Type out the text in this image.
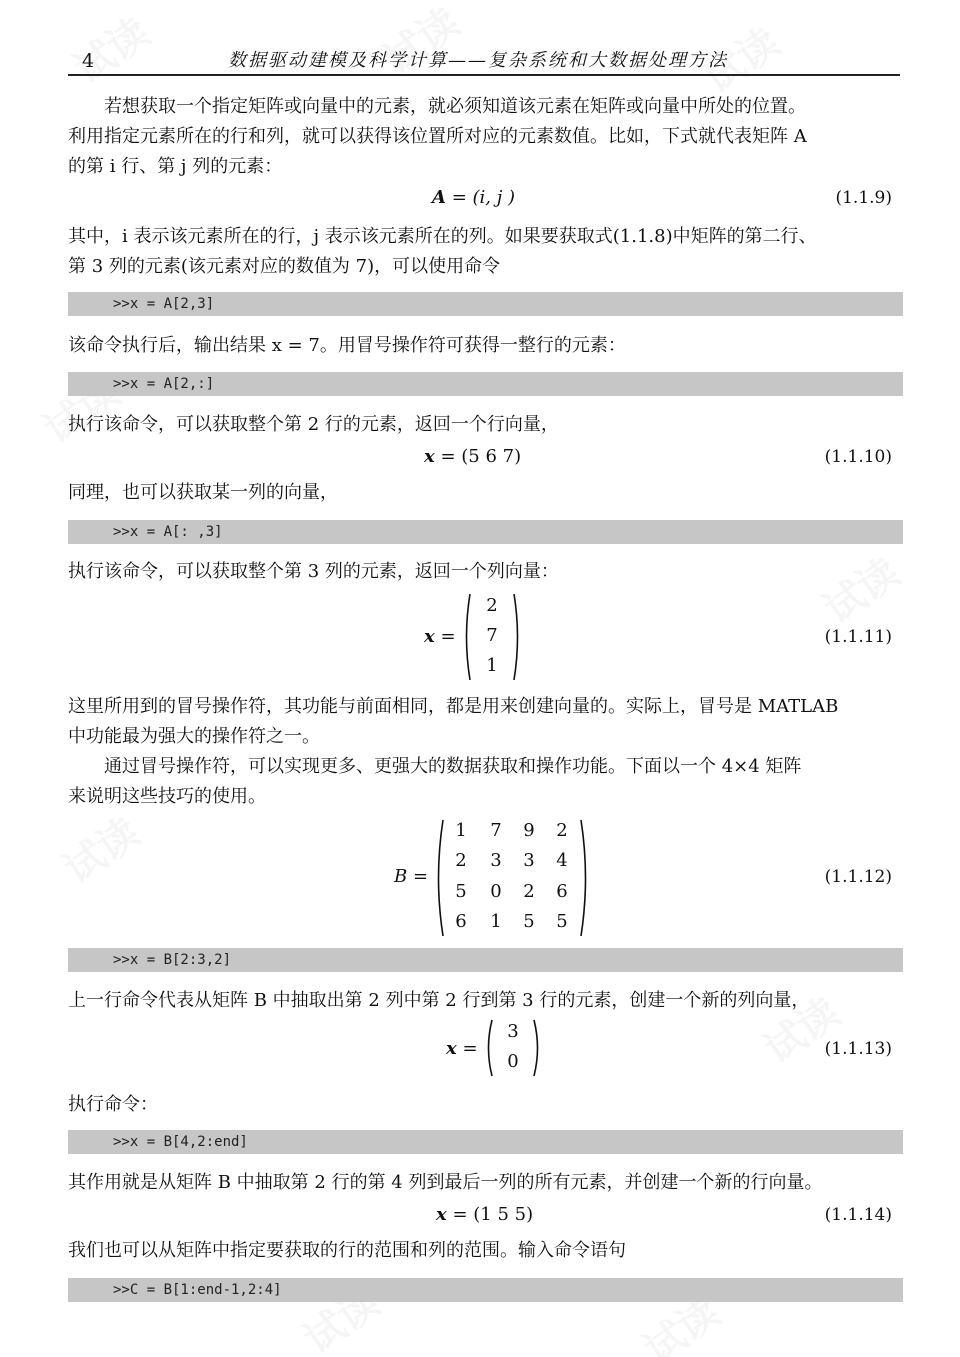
4	数据驱动建模及科学计算——复杂系统和大数据处理方法
若想获取一个指定矩阵或向量中的元素，就必须知道该元素在矩阵或向量中所处的位置。
利用指定元素所在的行和列，就可以获得该位置所对应的元素数值。比如，下式就代表矩阵 A
的第 i 行、第 j 列的元素：
A = (i, j )	(1.1.9)
其中，i 表示该元素所在的行，j 表示该元素所在的列。如果要获取式(1.1.8)中矩阵的第二行、
第 3 列的元素(该元素对应的数值为 7)，可以使用命令
>>x = A[2,3]
该命令执行后，输出结果 x = 7。用冒号操作符可获得一整行的元素：
>>x = A[2,:]
执行该命令，可以获取整个第 2 行的元素，返回一个行向量，
x = (5 6 7)	(1.1.10)
同理，也可以获取某一列的向量，
>>x = A[: ,3]
执行该命令，可以获取整个第 3 列的元素，返回一个列向量：
x =
2
7
1
(1.1.11)
这里所用到的冒号操作符，其功能与前面相同，都是用来创建向量的。实际上，冒号是 MATLAB
中功能最为强大的操作符之一。
通过冒号操作符，可以实现更多、更强大的数据获取和操作功能。下面以一个 4×4 矩阵
来说明这些技巧的使用。
B =
1	7	9	2
2	3	3	4
5	0	2	6
6	1	5	5
(1.1.12)
>>x = B[2:3,2]
上一行命令代表从矩阵 B 中抽取出第 2 列中第 2 行到第 3 行的元素，创建一个新的列向量，
x =
3
0
(1.1.13)
执行命令：
>>x = B[4,2:end]
其作用就是从矩阵 B 中抽取第 2 行的第 4 列到最后一列的所有元素，并创建一个新的行向量。
x = (1 5 5)	(1.1.14)
我们也可以从矩阵中指定要获取的行的范围和列的范围。输入命令语句
>>C = B[1:end-1,2:4]
